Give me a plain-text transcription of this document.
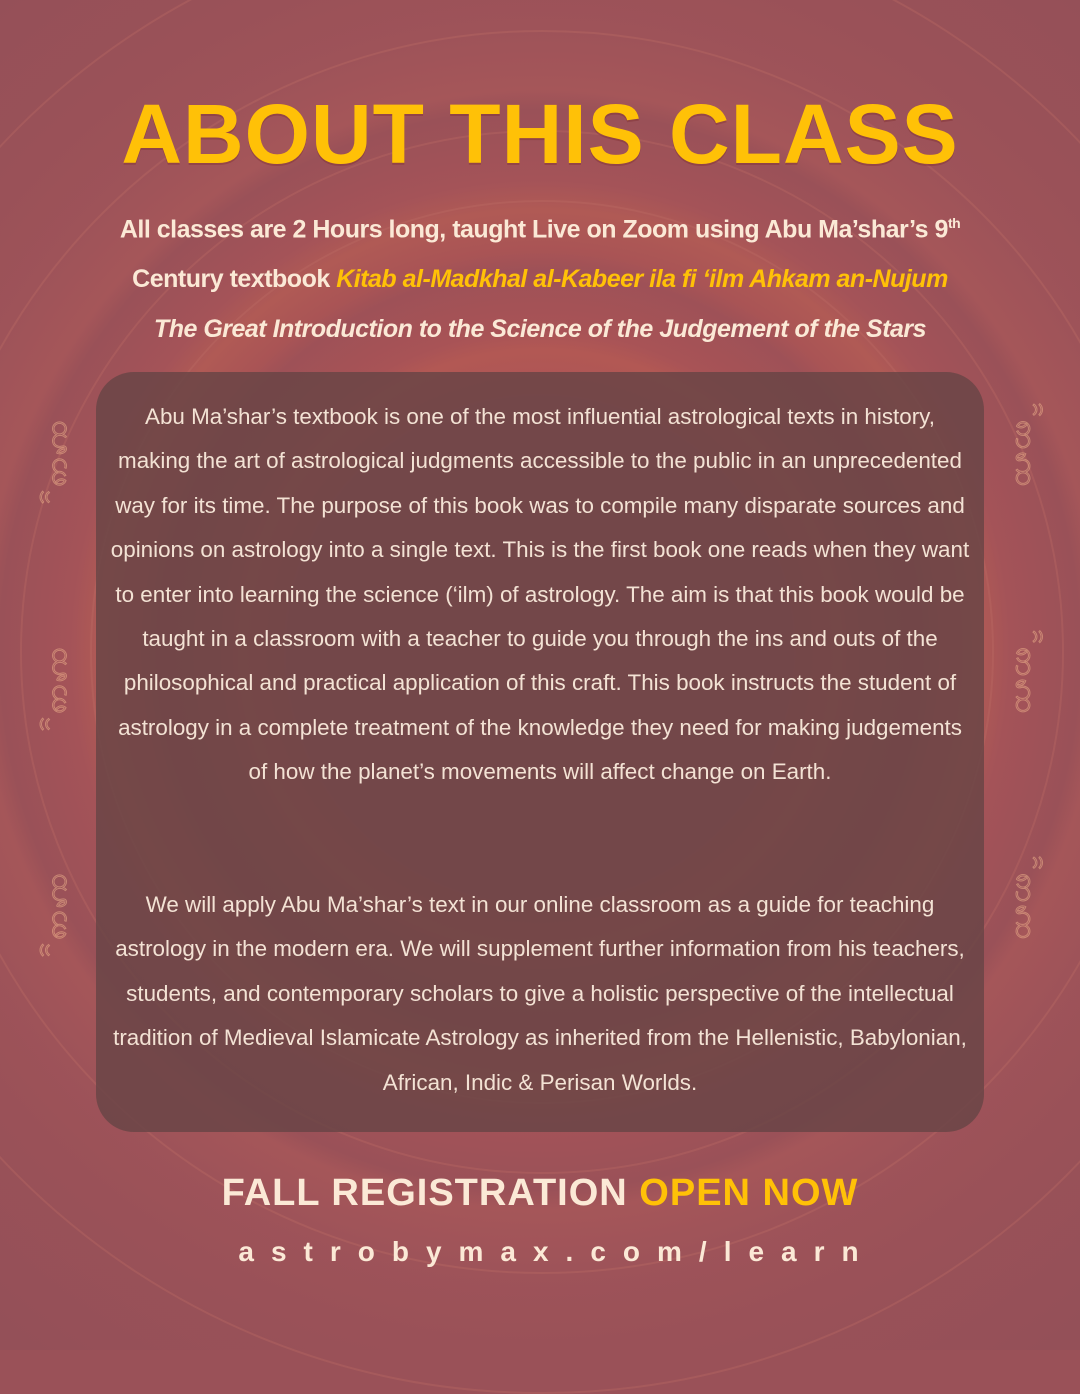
ꩰꩱꩲ
ꩰꩱꩲ
ꩰꩱꩲ
ꩰꩱꩲ
ꩰꩱꩲ
ꩰꩱꩲ
ABOUT THIS CLASS
All classes are 2 Hours long, taught Live on Zoom using Abu Ma’shar’s 9th
Century textbook Kitab al-Madkhal al-Kabeer ila fi ‘ilm Ahkam an-Nujum
The Great Introduction to the Science of the Judgement of the Stars

Abu Ma’shar’s textbook is one of the most influential astrological texts in history, making the art of astrological judgments accessible to the public in an unprecedented way for its time. The purpose of this book was to compile many disparate sources and opinions on astrology into a single text. This is the first book one reads when they want to enter into learning the science (‘ilm) of astrology. The aim is that this book would be taught in a classroom with a teacher to guide you through the ins and outs of the philosophical and practical application of this craft. This book instructs the student of astrology in a complete treatment of the knowledge they need for making judgements of how the planet’s movements will affect change on Earth.

We will apply Abu Ma’shar’s text in our online classroom as a guide for teaching astrology in the modern era. We will supplement further information from his teachers, students, and contemporary scholars to give a holistic perspective of the intellectual tradition of Medieval Islamicate Astrology as inherited from the Hellenistic, Babylonian, African, Indic & Perisan Worlds.

FALL REGISTRATION OPEN NOW

astrobymax.com/learn
